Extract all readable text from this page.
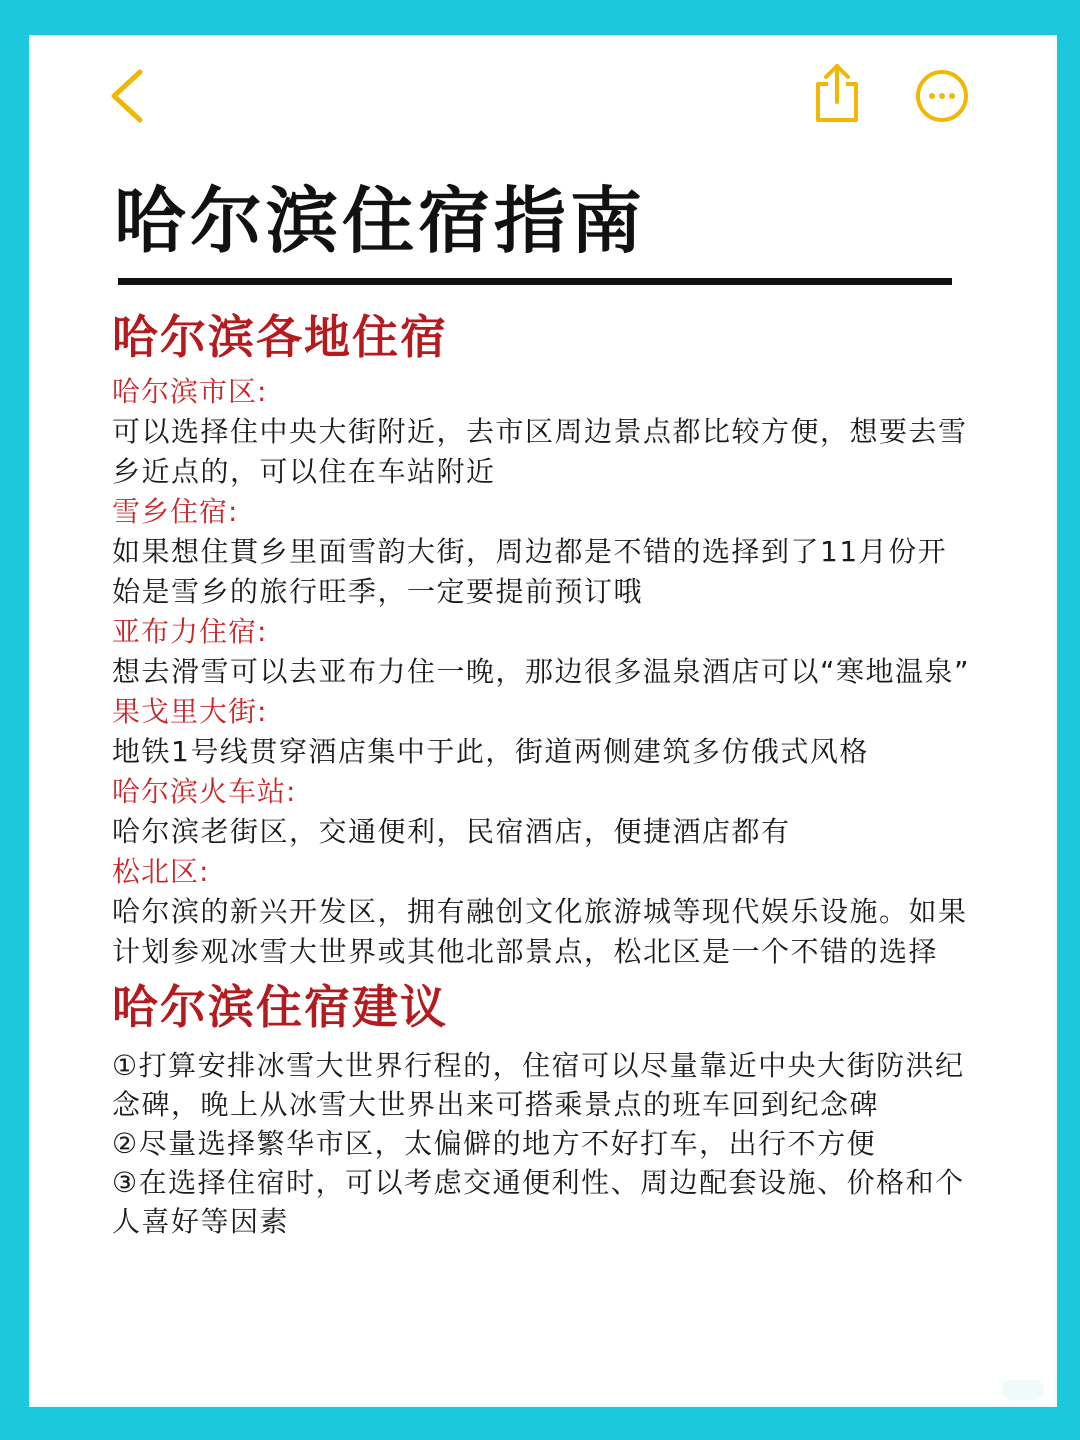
哈尔滨住宿指南
哈尔滨各地住宿
哈尔滨市区:

可以选择住中央大街附近，去市区周边景点都比较方便，想要去雪乡近点的，可以住在车站附近

雪乡住宿:

如果想住貫乡里面雪韵大街，周边都是不错的选择到了11月份开始是雪乡的旅行旺季，一定要提前预订哦

亚布力住宿:

想去滑雪可以去亚布力住一晚，那边很多温泉酒店可以“寒地温泉”

果戈里大街:

地铁1号线贯穿酒店集中于此，街道两侧建筑多仿俄式风格

哈尔滨火车站:

哈尔滨老街区，交通便利，民宿酒店，便捷酒店都有

松北区:

哈尔滨的新兴开发区，拥有融创文化旅游城等现代娱乐设施。如果计划参观冰雪大世界或其他北部景点，松北区是一个不错的选择

哈尔滨住宿建议
①打算安排冰雪大世界行程的，住宿可以尽量靠近中央大街防洪纪念碑，晚上从冰雪大世界出来可搭乘景点的班车回到纪念碑
②尽量选择繁华市区，太偏僻的地方不好打车，出行不方便
③在选择住宿时，可以考虑交通便利性、周边配套设施、价格和个人喜好等因素
